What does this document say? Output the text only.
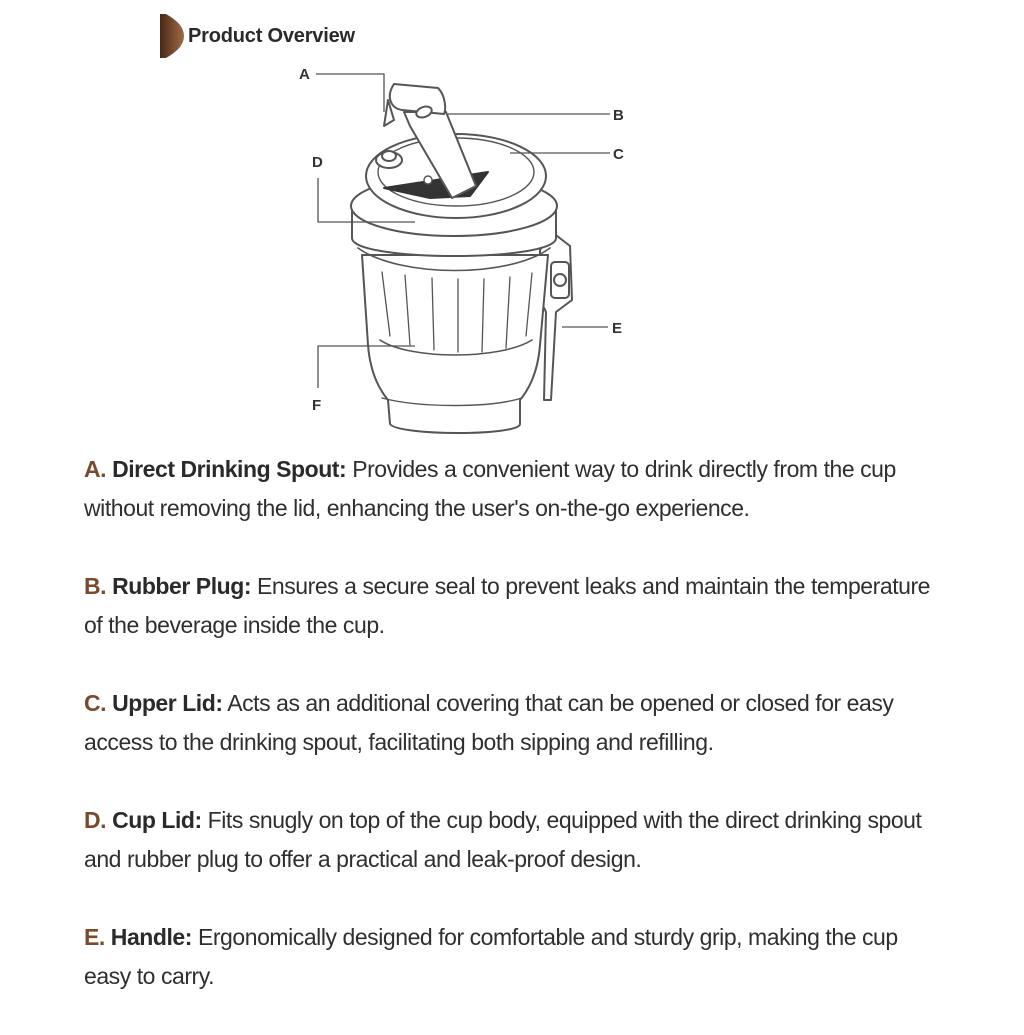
Product Overview
A
B
C
D
E
F

A. Direct Drinking Spout: Provides a convenient way to drink directly from the cup without removing the lid, enhancing the user's on-the-go experience.

B. Rubber Plug: Ensures a secure seal to prevent leaks and maintain the temperature of the beverage inside the cup.

C. Upper Lid: Acts as an additional covering that can be opened or closed for easy access to the drinking spout, facilitating both sipping and refilling.

D. Cup Lid: Fits snugly on top of the cup body, equipped with the direct drinking spout and rubber plug to offer a practical and leak-proof design.

E. Handle: Ergonomically designed for comfortable and sturdy grip, making the cup easy to carry.
